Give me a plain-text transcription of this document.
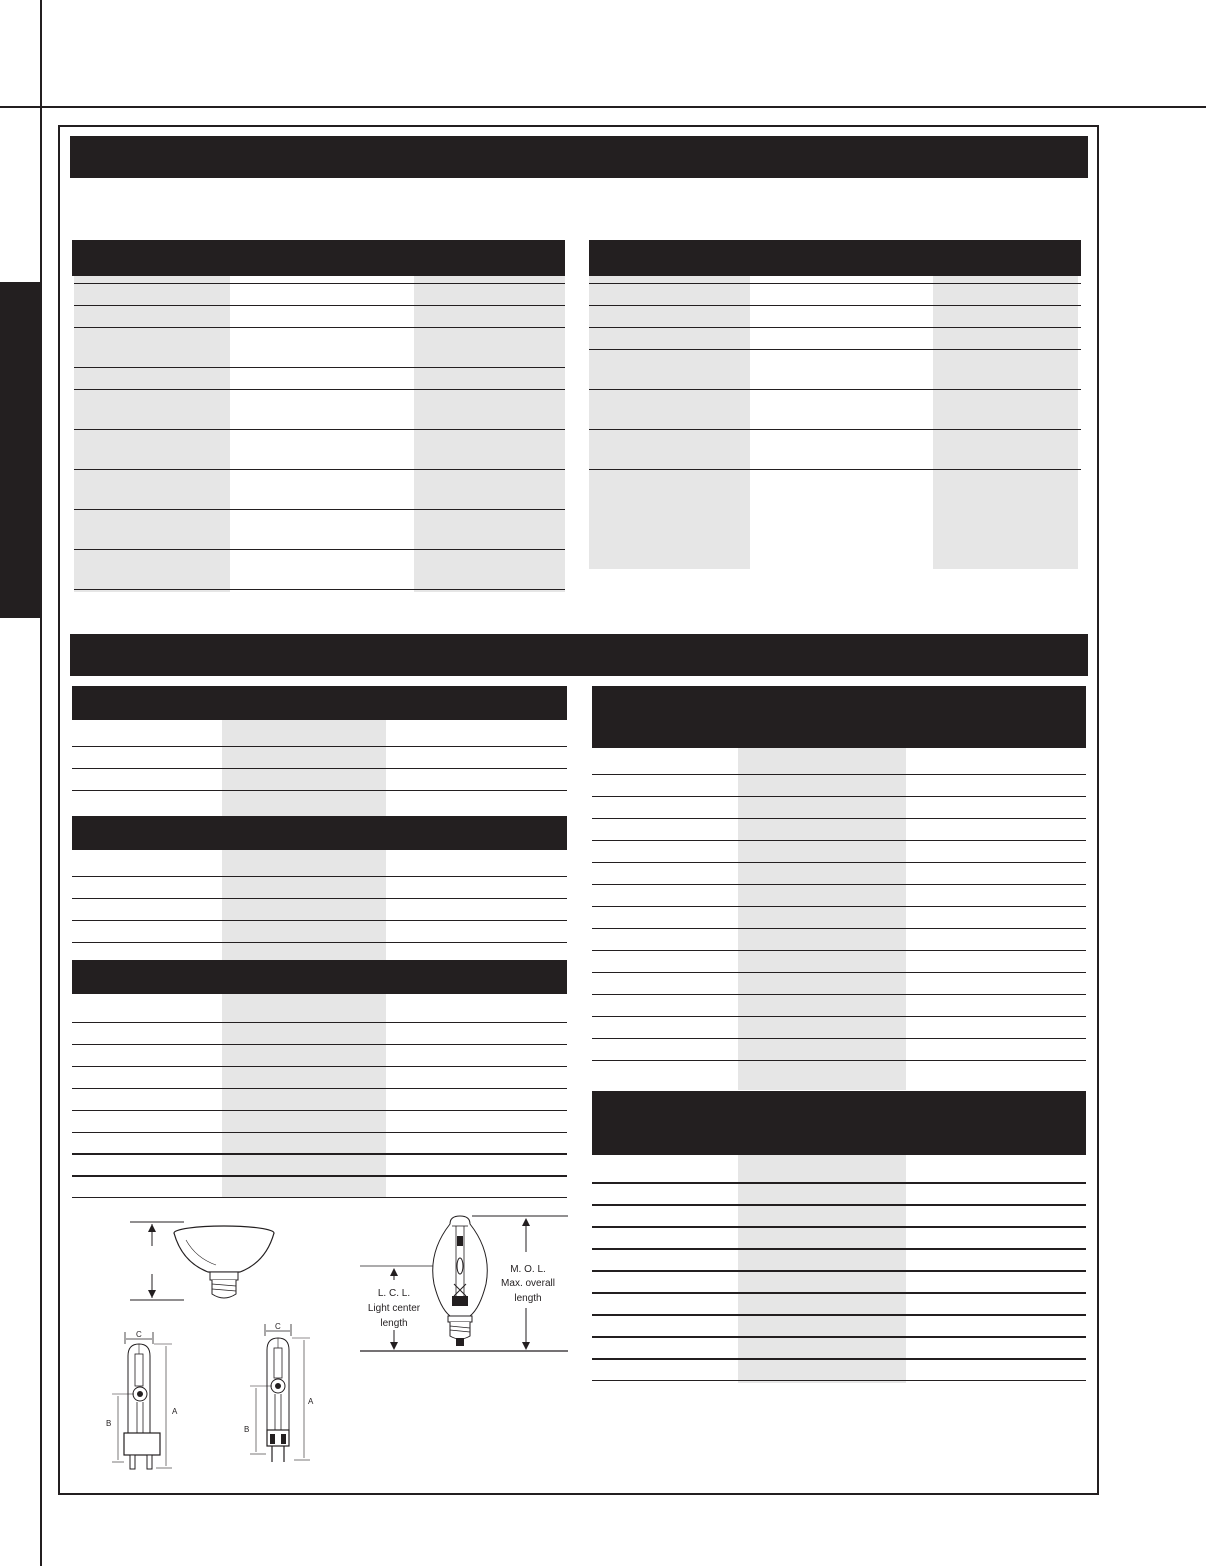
C
B
A
C
B
A
L. C. L.
Light center
length
M. O. L.
Max. overall
length
